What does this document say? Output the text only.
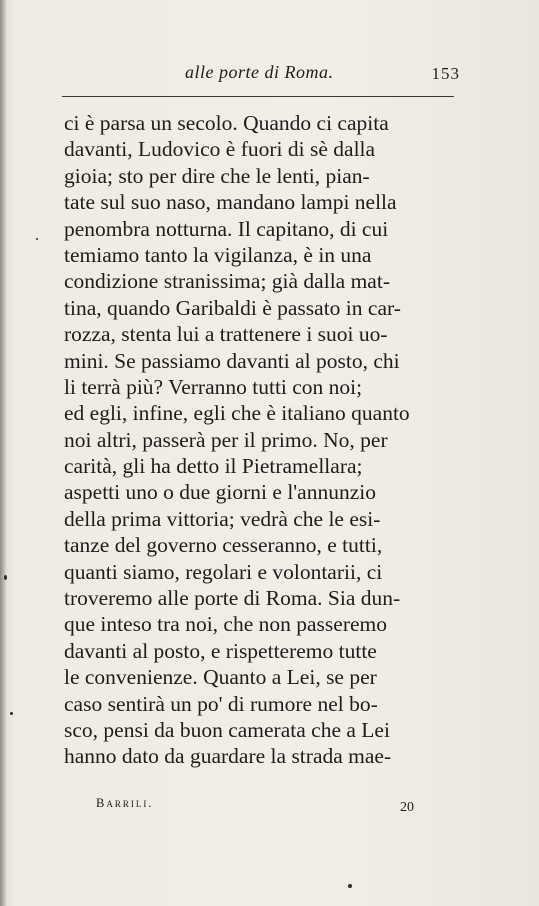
alle porte di Roma.	153
ci è parsa un secolo. Quando ci capita
davanti, Ludovico è fuori di sè dalla
gioia; sto per dire che le lenti, pian-
tate sul suo naso, mandano lampi nella
penombra notturna. Il capitano, di cui
temiamo tanto la vigilanza, è in una
condizione stranissima; già dalla mat-
tina, quando Garibaldi è passato in car-
rozza, stenta lui a trattenere i suoi uo-
mini. Se passiamo davanti al posto, chi
li terrà più? Verranno tutti con noi;
ed egli, infine, egli che è italiano quanto
noi altri, passerà per il primo. No, per
carità, gli ha detto il Pietramellara;
aspetti uno o due giorni e l'annunzio
della prima vittoria; vedrà che le esi-
tanze del governo cesseranno, e tutti,
quanti siamo, regolari e volontarii, ci
troveremo alle porte di Roma. Sia dun-
que inteso tra noi, che non passeremo
davanti al posto, e rispetteremo tutte
le convenienze. Quanto a Lei, se per
caso sentirà un po' di rumore nel bo-
sco, pensi da buon camerata che a Lei
hanno dato da guardare la strada mae-
Barrili.	20
